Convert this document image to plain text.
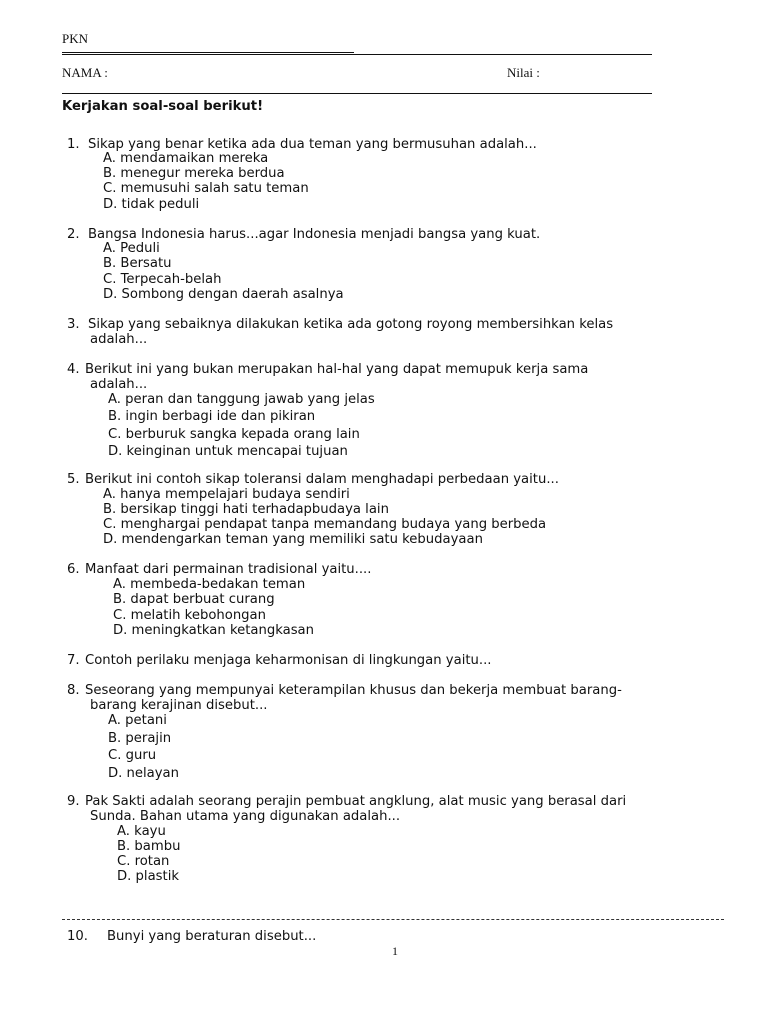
PKN
NAMA :	Nilai :
Kerjakan soal-soal berikut!
1. Sikap yang benar ketika ada dua teman yang bermusuhan adalah...
A. mendamaikan mereka
B. menegur mereka berdua
C. memusuhi salah satu teman
D. tidak peduli
2. Bangsa Indonesia harus...agar Indonesia menjadi bangsa yang kuat.
A. Peduli
B. Bersatu
C. Terpecah-belah
D. Sombong dengan daerah asalnya
3. Sikap yang sebaiknya dilakukan ketika ada gotong royong membersihkan kelas
adalah...
4. Berikut ini yang bukan merupakan hal-hal yang dapat memupuk kerja sama
adalah...
A. peran dan tanggung jawab yang jelas
B. ingin berbagi ide dan pikiran
C. berburuk sangka kepada orang lain
D. keinginan untuk mencapai tujuan
5. Berikut ini contoh sikap toleransi dalam menghadapi perbedaan yaitu...
A. hanya mempelajari budaya sendiri
B. bersikap tinggi hati terhadapbudaya lain
C. menghargai pendapat tanpa memandang budaya yang berbeda
D. mendengarkan teman yang memiliki satu kebudayaan
6. Manfaat dari permainan tradisional yaitu....
A. membeda-bedakan teman
B. dapat berbuat curang
C. melatih kebohongan
D. meningkatkan ketangkasan
7. Contoh perilaku menjaga keharmonisan di lingkungan yaitu...
8. Seseorang yang mempunyai keterampilan khusus dan bekerja membuat barang-
barang kerajinan disebut...
A. petani
B. perajin
C. guru
D. nelayan
9. Pak Sakti adalah seorang perajin pembuat angklung, alat music yang berasal dari
Sunda. Bahan utama yang digunakan adalah...
A. kayu
B. bambu
C. rotan
D. plastik
10. Bunyi yang beraturan disebut...
1
